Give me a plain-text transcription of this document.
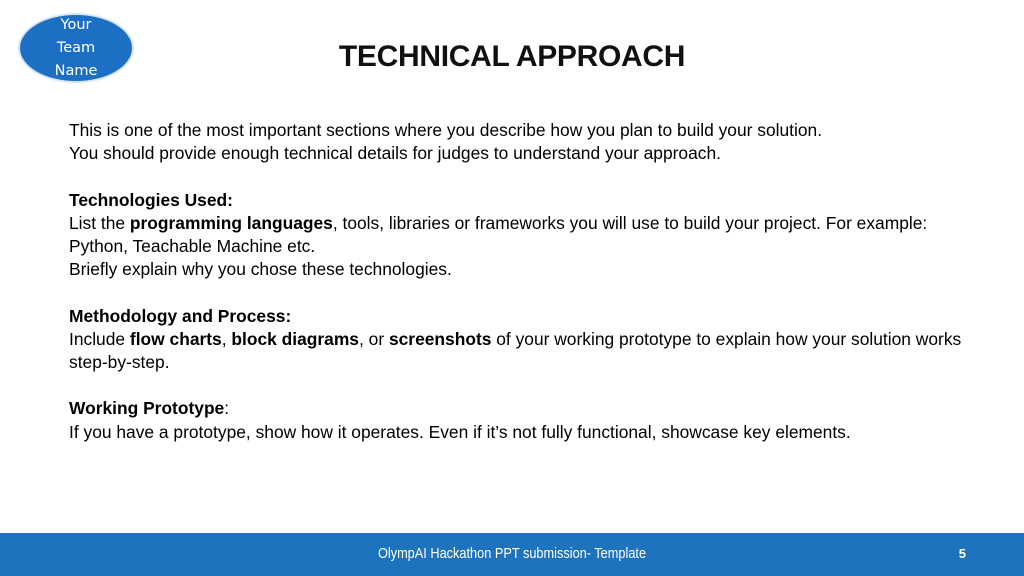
Your
Team
Name	TECHNICAL APPROACH

This is one of the most important sections where you describe how you plan to build your solution.
You should provide enough technical details for judges to understand your approach.

Technologies Used:
List the programming languages, tools, libraries or frameworks you will use to build your project. For example: Python, Teachable Machine etc.
Briefly explain why you chose these technologies.

Methodology and Process:
Include flow charts, block diagrams, or screenshots of your working prototype to explain how your solution works step-by-step.

Working Prototype:
If you have a prototype, show how it operates. Even if it’s not fully functional, showcase key elements.

OlympAI Hackathon PPT submission- Template	5
